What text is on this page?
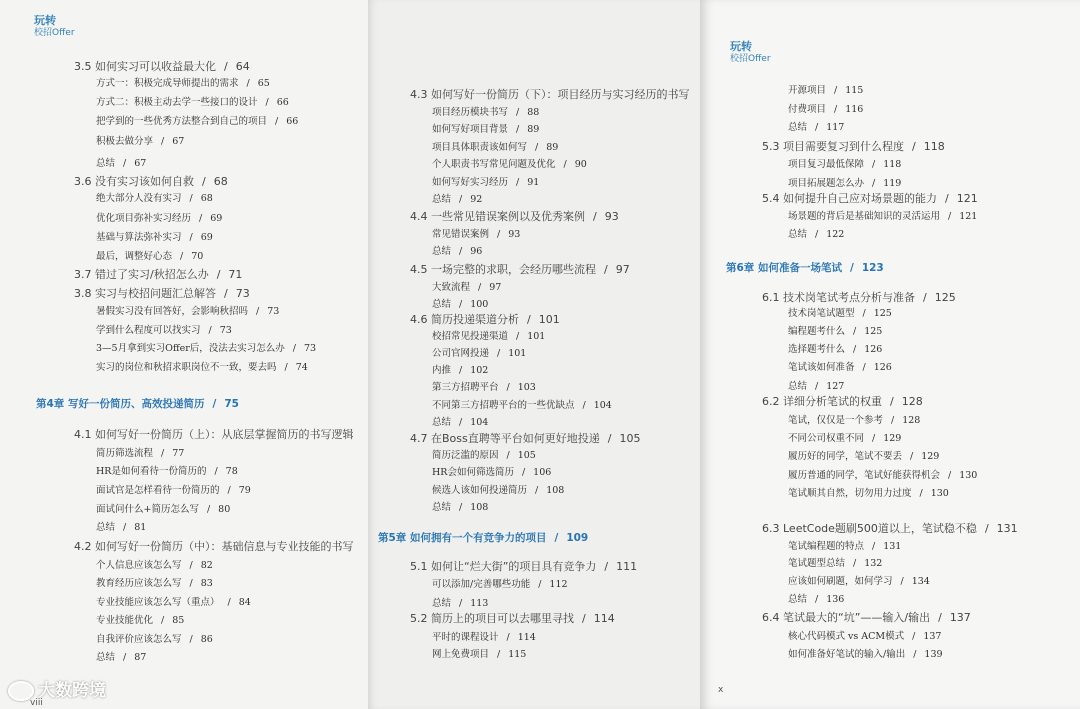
玩转
校招Offer
3.5 如何实习可以收益最大化 / 64
方式一：积极完成导师提出的需求 / 65
方式二：积极主动去学一些接口的设计 / 66
把学到的一些优秀方法整合到自己的项目 / 66
积极去做分享 / 67
总结 / 67
3.6 没有实习该如何自救 / 68
绝大部分人没有实习 / 68
优化项目弥补实习经历 / 69
基础与算法弥补实习 / 69
最后，调整好心态 / 70
3.7 错过了实习/秋招怎么办 / 71
3.8 实习与校招问题汇总解答 / 73
暑假实习没有回答好，会影响秋招吗 / 73
学到什么程度可以找实习 / 73
3—5月拿到实习Offer后，没法去实习怎么办 / 73
实习的岗位和秋招求职岗位不一致，要去吗 / 74
第4章 写好一份简历、高效投递简历 / 75
4.1 如何写好一份简历（上）：从底层掌握简历的书写逻辑
简历筛选流程 / 77
HR是如何看待一份简历的 / 78
面试官是怎样看待一份简历的 / 79
面试问什么+简历怎么写 / 80
总结 / 81
4.2 如何写好一份简历（中）：基础信息与专业技能的书写
个人信息应该怎么写 / 82
教育经历应该怎么写 / 83
专业技能应该怎么写（重点） / 84
专业技能优化 / 85
自我评价应该怎么写 / 86
总结 / 87
viii
4.3 如何写好一份简历（下）：项目经历与实习经历的书写
项目经历模块书写 / 88
如何写好项目背景 / 89
项目具体职责该如何写 / 89
个人职责书写常见问题及优化 / 90
如何写好实习经历 / 91
总结 / 92
4.4 一些常见错误案例以及优秀案例 / 93
常见错误案例 / 93
总结 / 96
4.5 一场完整的求职，会经历哪些流程 / 97
大致流程 / 97
总结 / 100
4.6 简历投递渠道分析 / 101
校招常见投递渠道 / 101
公司官网投递 / 101
内推 / 102
第三方招聘平台 / 103
不同第三方招聘平台的一些优缺点 / 104
总结 / 104
4.7 在Boss直聘等平台如何更好地投递 / 105
简历泛滥的原因 / 105
HR会如何筛选简历 / 106
候选人该如何投递简历 / 108
总结 / 108
第5章 如何拥有一个有竞争力的项目 / 109
5.1 如何让“烂大街”的项目具有竞争力 / 111
可以添加/完善哪些功能 / 112
总结 / 113
5.2 简历上的项目可以去哪里寻找 / 114
平时的课程设计 / 114
网上免费项目 / 115
玩转
校招Offer
开源项目 / 115
付费项目 / 116
总结 / 117
5.3 项目需要复习到什么程度 / 118
项目复习最低保障 / 118
项目拓展题怎么办 / 119
5.4 如何提升自己应对场景题的能力 / 121
场景题的背后是基础知识的灵活运用 / 121
总结 / 122
第6章 如何准备一场笔试 / 123
6.1 技术岗笔试考点分析与准备 / 125
技术岗笔试题型 / 125
编程题考什么 / 125
选择题考什么 / 126
笔试该如何准备 / 126
总结 / 127
6.2 详细分析笔试的权重 / 128
笔试，仅仅是一个参考 / 128
不同公司权重不同 / 129
履历好的同学，笔试不要丢 / 129
履历普通的同学，笔试好能获得机会 / 130
笔试顺其自然，切勿用力过度 / 130
6.3 LeetCode题刷500道以上，笔试稳不稳 / 131
笔试编程题的特点 / 131
笔试题型总结 / 132
应该如何刷题，如何学习 / 134
总结 / 136
6.4 笔试最大的“坑”——输入/输出 / 137
核心代码模式 vs ACM模式 / 137
如何准备好笔试的输入/输出 / 139
x
大数跨境
